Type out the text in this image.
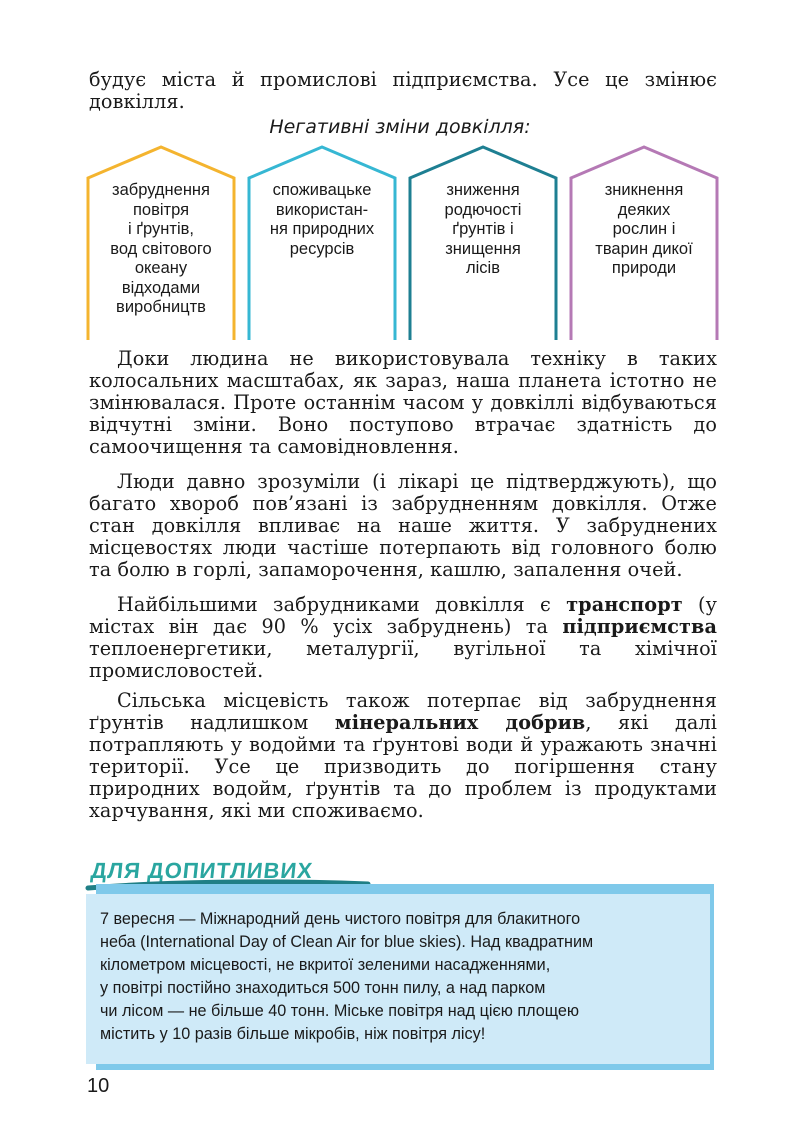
будує міста й промислові підприємства. Усе це змінює
довкілля.
Негативні зміни довкілля:
забруднення
повітря
і ґрунтів,
вод світового
океану
відходами
виробництв
споживацьке
використан-
ня природних
ресурсів
зниження
родючості
ґрунтів і
знищення
лісів
зникнення
деяких
рослин і
тварин дикої
природи
Доки людина не використовувала техніку в таких колосальних масштабах, як зараз, наша планета істотно не змінювалася. Проте останнім часом у довкіллі відбуваються відчутні зміни. Воно поступово втрачає здатність до самоочищення та самовідновлення.
Люди давно зрозуміли (і лікарі це підтверджують), що багато хвороб пов’язані із забрудненням довкілля. Отже стан довкілля впливає на наше життя. У забруднених місцевостях люди частіше потерпають від головного болю та болю в горлі, запаморочення, кашлю, запалення очей.
Найбільшими забрудниками довкілля є транспорт (у містах він дає 90 % усіх забруднень) та підприємства теплоенергетики, металургії, вугільної та хімічної промисловостей.
Сільська місцевість також потерпає від забруднення ґрунтів надлишком мінеральних добрив, які далі потрапляють у водойми та ґрунтові води й уражають значні території. Усе це призводить до погіршення стану природних водойм, ґрунтів та до проблем із продуктами харчування, які ми споживаємо.
ДЛЯ ДОПИТЛИВИХ
7 вересня — Міжнародний день чистого повітря для блакитного
неба (International Day of Clean Air for blue skies). Над квадратним
кілометром місцевості, не вкритої зеленими насадженнями,
у повітрі постійно знаходиться 500 тонн пилу, а над парком
чи лісом — не більше 40 тонн. Міське повітря над цією площею
містить у 10 разів більше мікробів, ніж повітря лісу!
10
